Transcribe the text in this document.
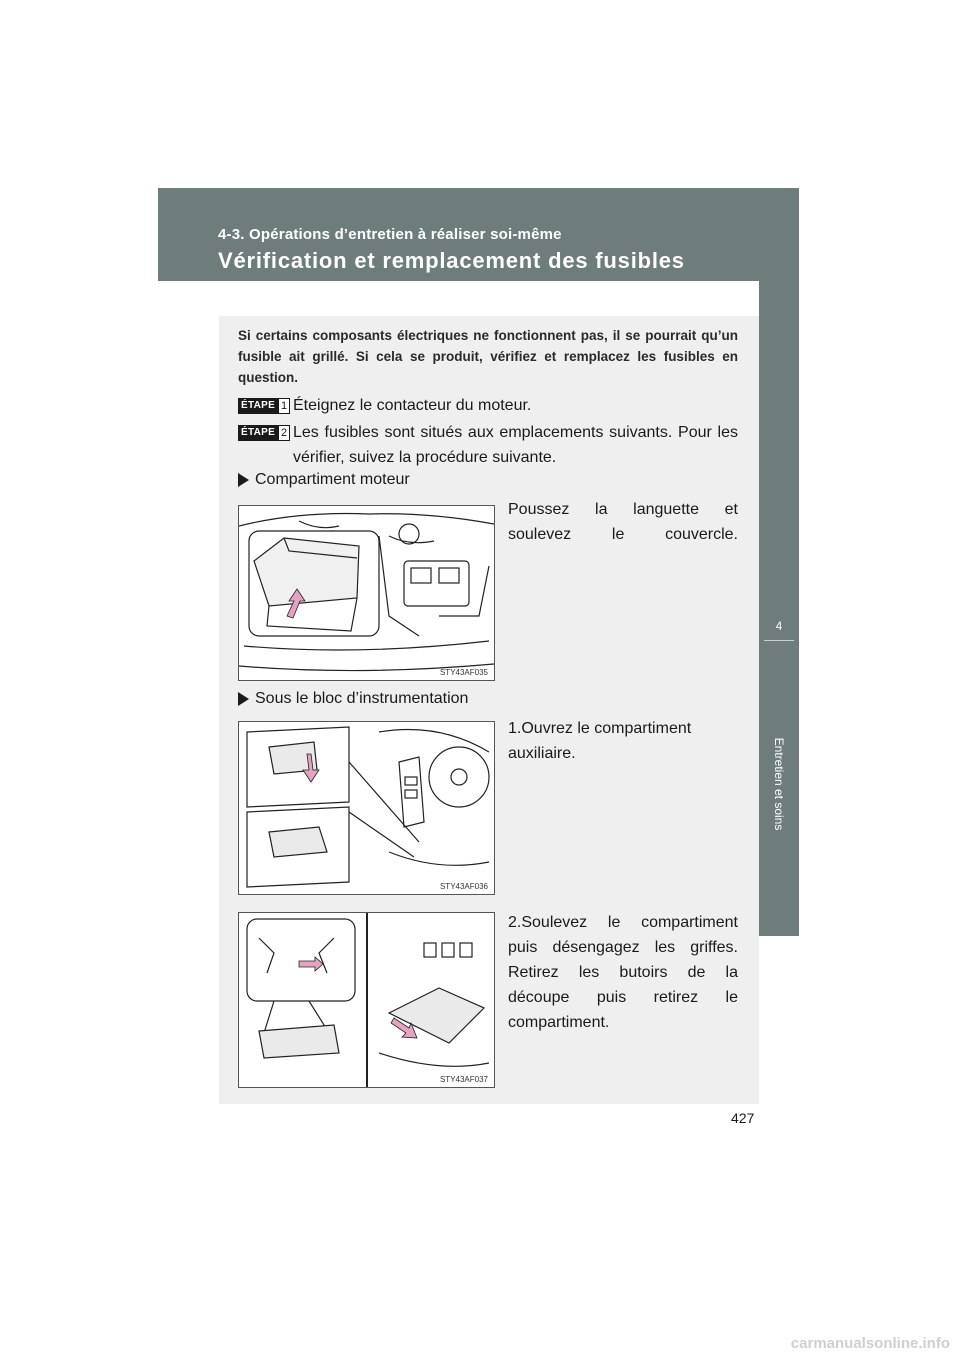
4-3. Opérations d’entretien à réaliser soi-même
Vérification et remplacement des fusibles
4
Entretien et soins
Si certains composants électriques ne fonctionnent pas, il se pourrait qu’un fusible ait grillé. Si cela se produit, vérifiez et remplacez les fusibles en question.
ÉTAPE 1 Éteignez le contacteur du moteur.
ÉTAPE 2 Les fusibles sont situés aux emplacements suivants. Pour les vérifier, suivez la procédure suivante.
Compartiment moteur
Poussez la languette et soulevez le couvercle.
STY43AF035
Sous le bloc d’instrumentation
1.Ouvrez le compartiment auxiliaire.
STY43AF036
2.Soulevez le compartiment puis désengagez les griffes. Retirez les butoirs de la découpe puis retirez le compartiment.
STY43AF037
427
carmanualsonline.info
